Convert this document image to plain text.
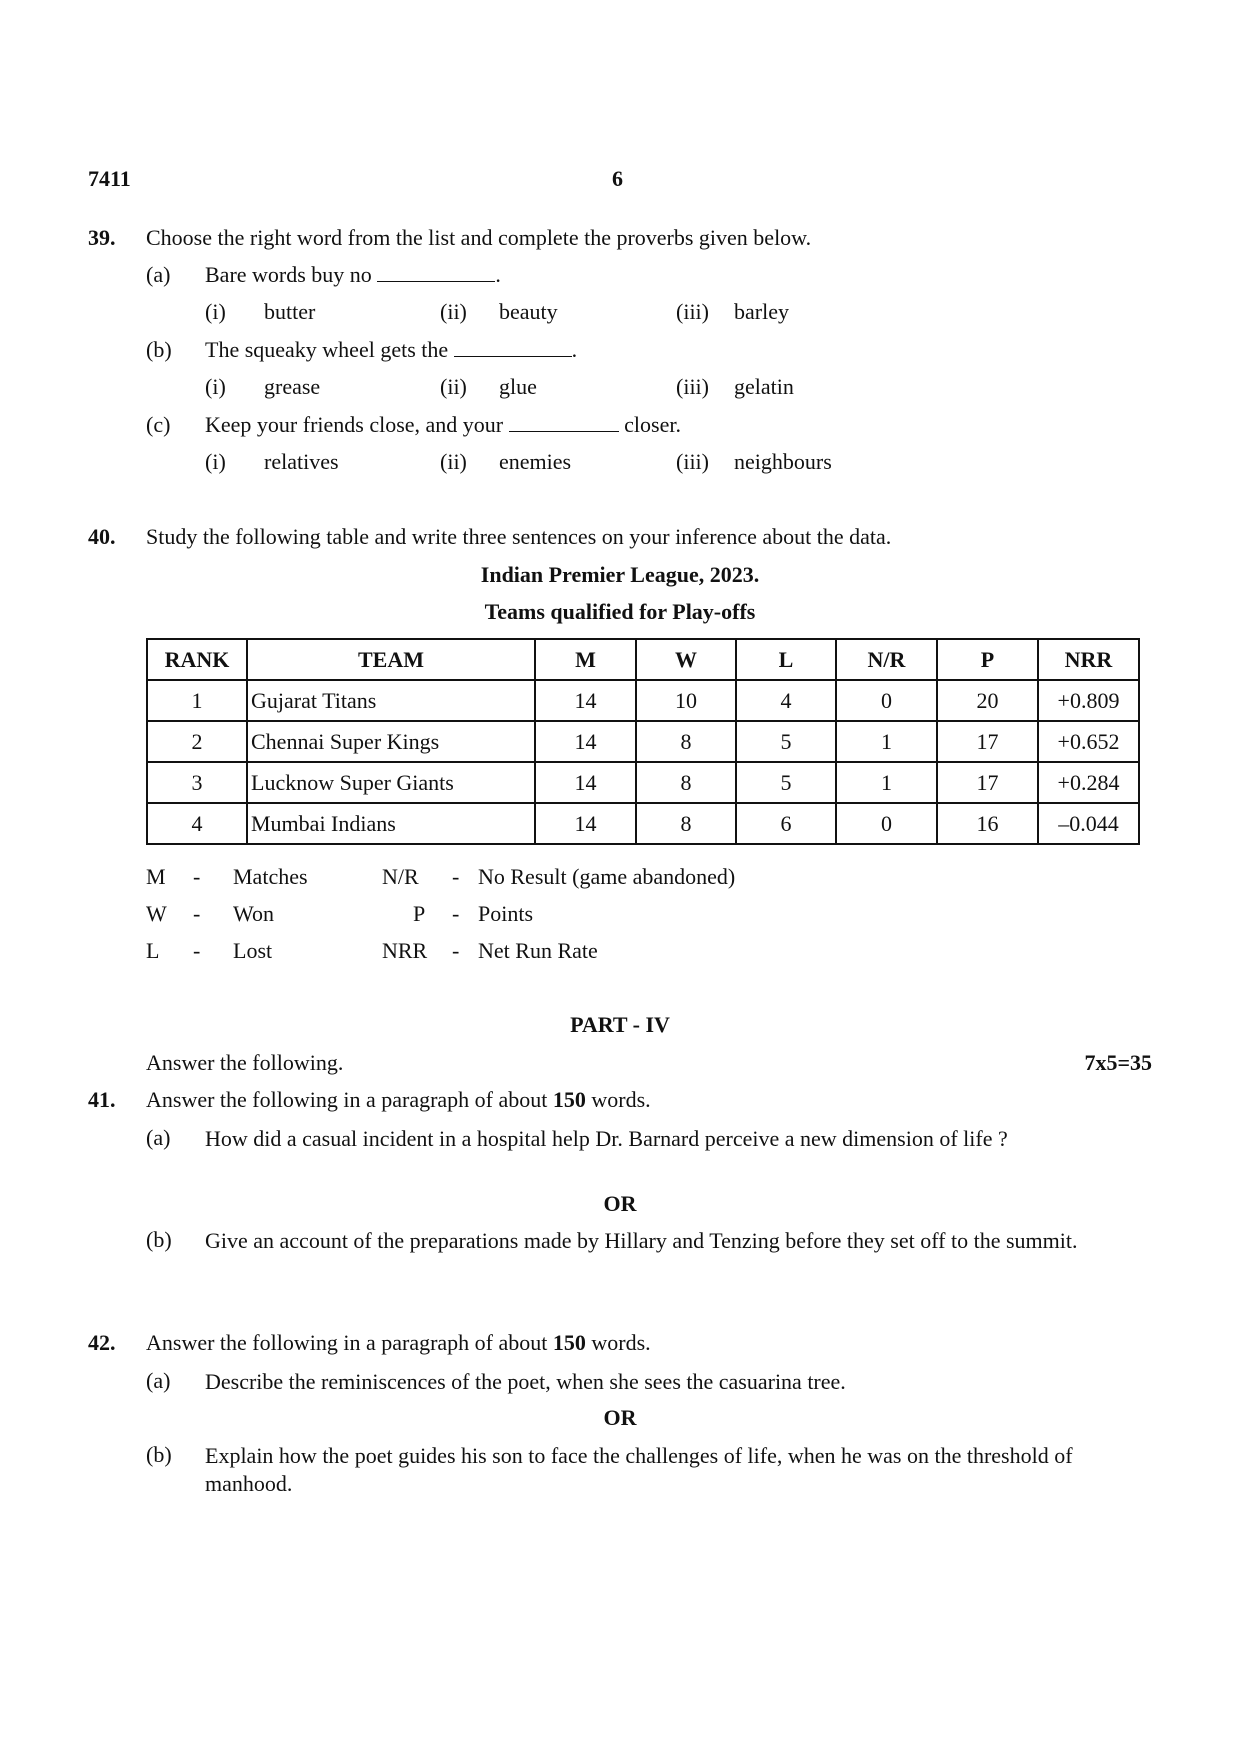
7411	6
39. Choose the right word from the list and complete the proverbs given below.
(a) Bare words buy no	.
(i) butter	(ii) beauty	(iii) barley
(b) The squeaky wheel gets the	.
(i) grease	(ii) glue	(iii) gelatin
(c) Keep your friends close, and your	closer.
(i) relatives	(ii) enemies	(iii) neighbours
40. Study the following table and write three sentences on your inference about the data.
Indian Premier League, 2023.
Teams qualified for Play-offs
RANK	TEAM	M	W	L	N/R	P	NRR
1	Gujarat Titans	14	10	4	0	20	+0.809
2	Chennai Super Kings	14	8	5	1	17	+0.652
3	Lucknow Super Giants	14	8	5	1	17	+0.284
4	Mumbai Indians	14	8	6	0	16	–0.044
M - Matches	N/R - No Result (game abandoned)
W - Won	P - Points
L - Lost	NRR - Net Run Rate
PART - IV
Answer the following.	7x5=35
41. Answer the following in a paragraph of about 150 words.
(a) How did a casual incident in a hospital help Dr. Barnard perceive a new dimension of life ?
OR
(b) Give an account of the preparations made by Hillary and Tenzing before they set off to the summit.
42. Answer the following in a paragraph of about 150 words.
(a) Describe the reminiscences of the poet, when she sees the casuarina tree.
OR
(b) Explain how the poet guides his son to face the challenges of life, when he was on the threshold of manhood.
